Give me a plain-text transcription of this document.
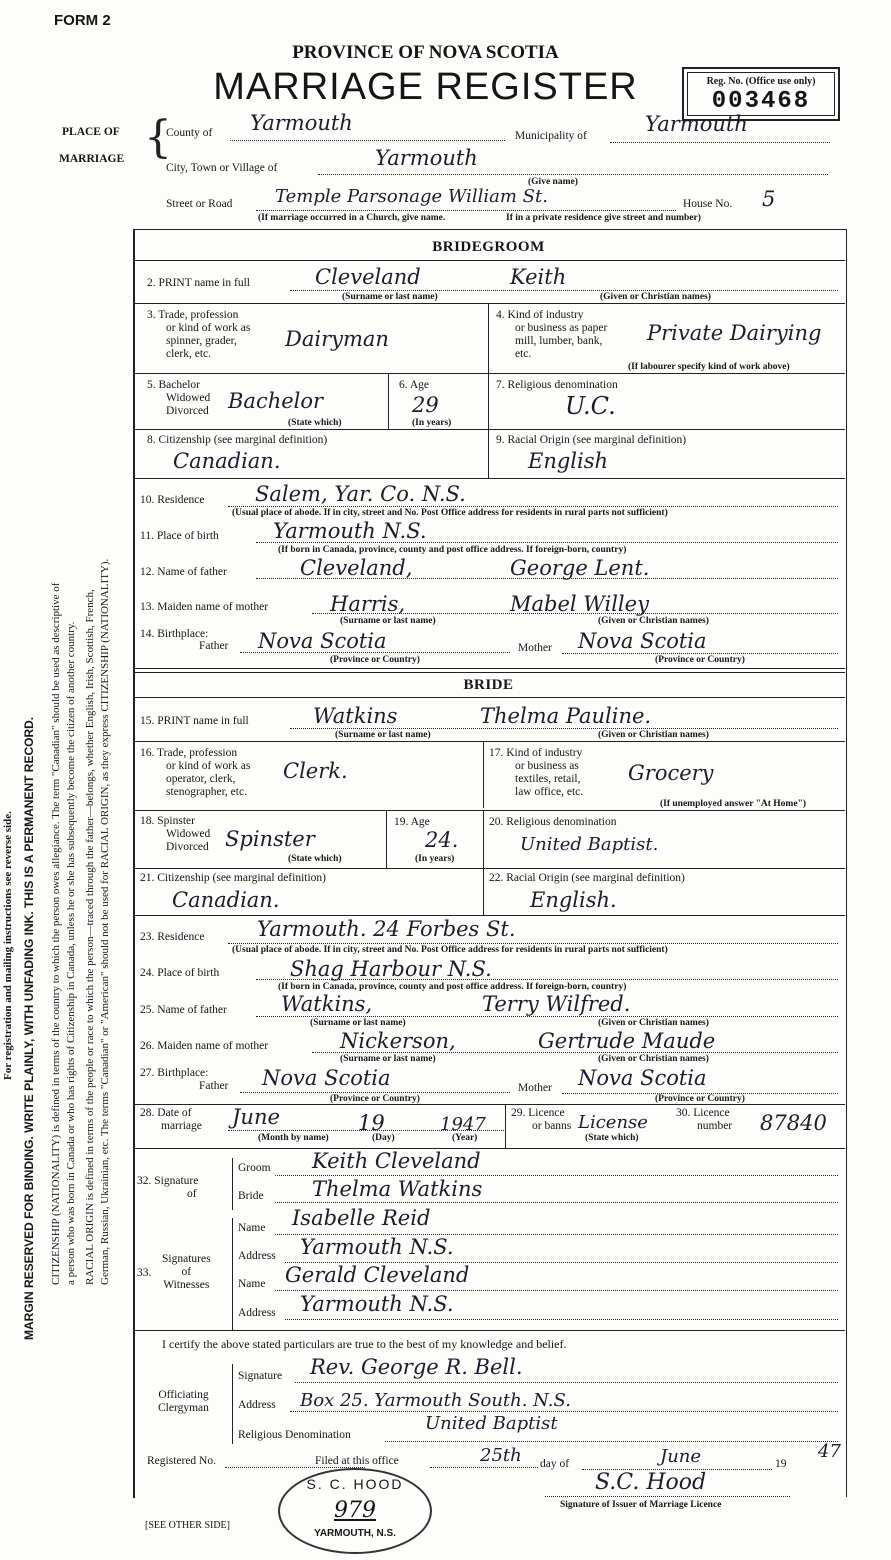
FORM 2
PROVINCE OF NOVA SCOTIA
MARRIAGE REGISTER	Reg. No. (Office use only)
003468
For registration and mailing instructions see reverse side. MARGIN RESERVED FOR BINDING. WRITE PLAINLY, WITH UNFADING INK. THIS IS A PERMANENT RECORD. CITIZENSHIP (NATIONALITY) is defined in terms of the country to which the person owes allegiance. The term "Canadian" should be used as descriptive of a person who was born in Canada or who has rights of Citizenship in Canada, unless he or she has subsequently become the citizen of another country. RACIAL ORIGIN is defined in terms of the people or race to which the person—traced through the father—belongs, whether English, Irish, Scottish, French, German, Russian, Ukrainian, etc. The terms "Canadian" or "American" should not be used for RACIAL ORIGIN, as they express CITIZENSHIP (NATIONALITY).
PLACE OF
MARRIAGE {
County of Yarmouth
Municipality of	Yarmouth
City, Town or Village of	Yarmouth
(Give name)
Street or Road Temple Parsonage William St.	House No. 5
(If marriage occurred in a Church, give name.	If in a private residence give street and number)
BRIDEGROOM
2. PRINT name in full	Cleveland	Keith
(Surname or last name)	(Given or Christian names)
3. Trade, profession
or kind of work as
spinner, grader,
clerk, etc.
Dairyman
4. Kind of industry
or business as paper
mill, lumber, bank,
etc.
Private Dairying
(If labourer specify kind of work above)
5. Bachelor
Widowed
Divorced Bachelor
(State which)
6. Age
29
(In years)
7. Religious denomination
U.C.
8. Citizenship (see marginal definition)
Canadian.
9. Racial Origin (see marginal definition)
English
10. Residence Salem, Yar. Co. N.S.
(Usual place of abode. If in city, street and No. Post Office address for residents in rural parts not sufficient)
11. Place of birth	Yarmouth N.S.
(If born in Canada, province, county and post office address. If foreign-born, country)
12. Name of father	Cleveland,	George Lent.
13. Maiden name of mother	Harris,	Mabel Willey
(Surname or last name)	(Given or Christian names)
14. Birthplace:
Father Nova Scotia	Mother Nova Scotia
(Province or Country)	(Province or Country)
BRIDE
15. PRINT name in full	Watkins	Thelma Pauline.
(Surname or last name)	(Given or Christian names)
16. Trade, profession
or kind of work as
operator, clerk,
stenographer, etc.
Clerk.
17. Kind of industry
or business as
textiles, retail,
law office, etc.
Grocery
(If unemployed answer "At Home")
18. Spinster
Widowed
Divorced Spinster
(State which)
19. Age
24.
(In years)
20. Religious denomination
United Baptist.
21. Citizenship (see marginal definition)
Canadian.
22. Racial Origin (see marginal definition)
English.
23. Residence Yarmouth. 24 Forbes St.
(Usual place of abode. If in city, street and No. Post Office address for residents in rural parts not sufficient)
24. Place of birth	Shag Harbour N.S.
(If born in Canada, province, county and post office address. If foreign-born, country)
25. Name of father	Watkins,	Terry Wilfred.
(Surname or last name)	(Given or Christian names)
26. Maiden name of mother	Nickerson,	Gertrude Maude
(Surname or last name)	(Given or Christian names)
27. Birthplace:
Father Nova Scotia	Mother Nova Scotia
(Province or Country)	(Province or Country)
28. Date of
marriage June	19	1947
(Month by name)	(Day)	(Year)
29. Licence
or banns License
(State which)
30. Licence
number 87840
32. Signature
of
Groom Keith Cleveland
Bride Thelma Watkins
33.
Signatures
of
Witnesses
Name Isabelle Reid
Address Yarmouth N.S.
Name Gerald Cleveland
Address Yarmouth N.S.
I certify the above stated particulars are true to the best of my knowledge and belief.
Officiating
Clergyman
Signature Rev. George R. Bell.
Address Box 25. Yarmouth South. N.S.
Religious Denomination
United Baptist
Registered No.	Filed at this office	25th day of	June	19
47
S.C. Hood
Signature of Issuer of Marriage Licence
S. C. HOOD
979
YARMOUTH, N.S.
[SEE OTHER SIDE]
